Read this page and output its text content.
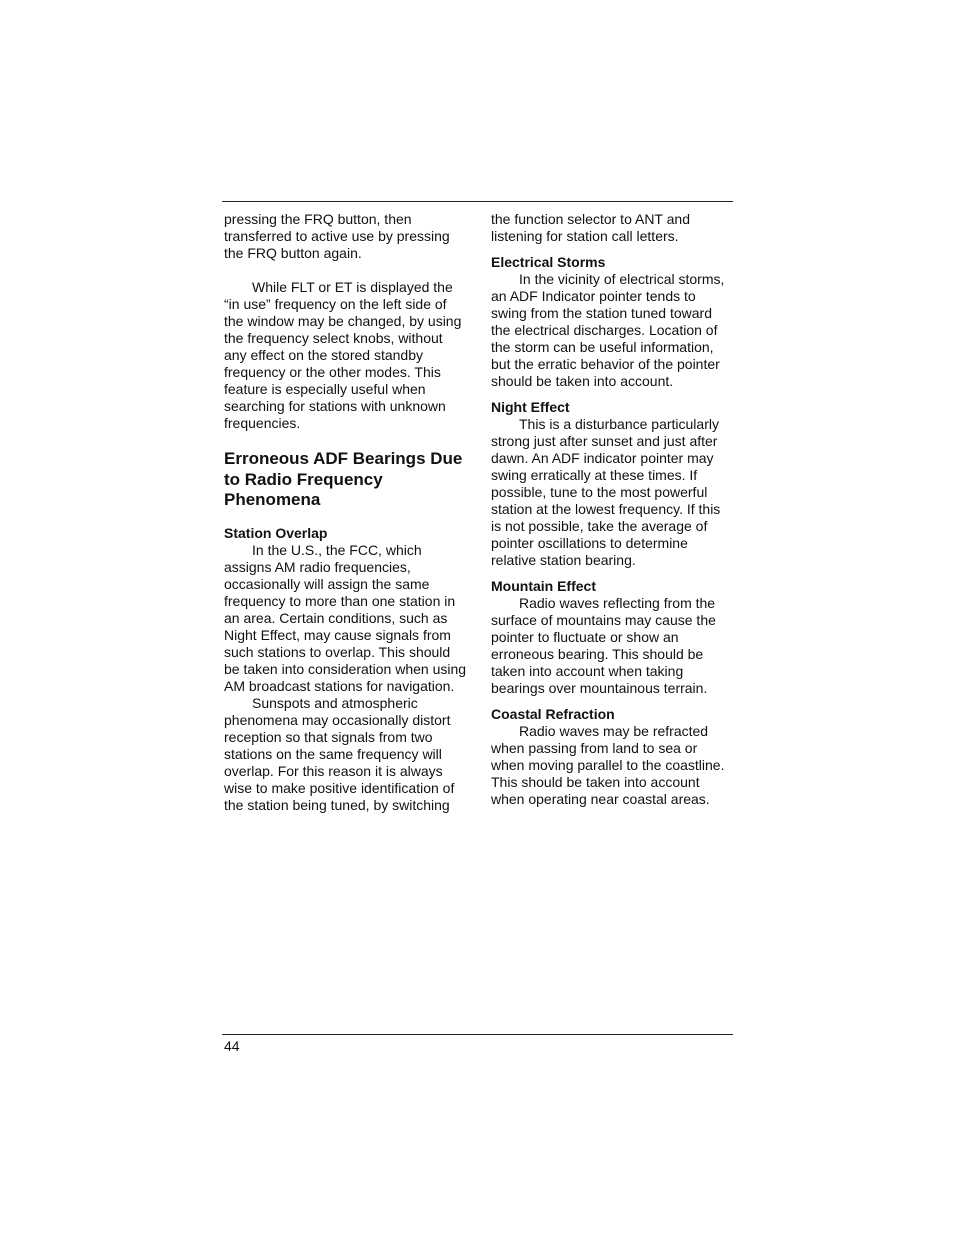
pressing the FRQ button, then transferred to active use by pressing the FRQ button again.

While FLT or ET is displayed the “in use” frequency on the left side of the window may be changed, by using the frequency select knobs, without any effect on the stored standby frequency or the other modes. This feature is especially useful when searching for stations with unknown frequencies.

Erroneous ADF Bearings Due to Radio Frequency Phenomena
Station Overlap

In the U.S., the FCC, which assigns AM radio frequencies, occasionally will assign the same frequency to more than one station in an area. Certain conditions, such as Night Effect, may cause signals from such stations to overlap. This should be taken into consideration when using AM broadcast stations for navigation.

Sunspots and atmospheric phenomena may occasionally distort reception so that signals from two stations on the same frequency will overlap. For this reason it is always wise to make positive identification of the station being tuned, by switching

the function selector to ANT and listening for station call letters.

Electrical Storms

In the vicinity of electrical storms, an ADF Indicator pointer tends to swing from the station tuned toward the electrical discharges. Location of the storm can be useful information, but the erratic behavior of the pointer should be taken into account.

Night Effect

This is a disturbance particularly strong just after sunset and just after dawn. An ADF indicator pointer may swing erratically at these times. If possible, tune to the most powerful station at the lowest frequency. If this is not possible, take the average of pointer oscillations to determine relative station bearing.

Mountain Effect

Radio waves reflecting from the surface of mountains may cause the pointer to fluctuate or show an erroneous bearing. This should be taken into account when taking bearings over mountainous terrain.

Coastal Refraction

Radio waves may be refracted when passing from land to sea or when moving parallel to the coastline. This should be taken into account when operating near coastal areas.

44
